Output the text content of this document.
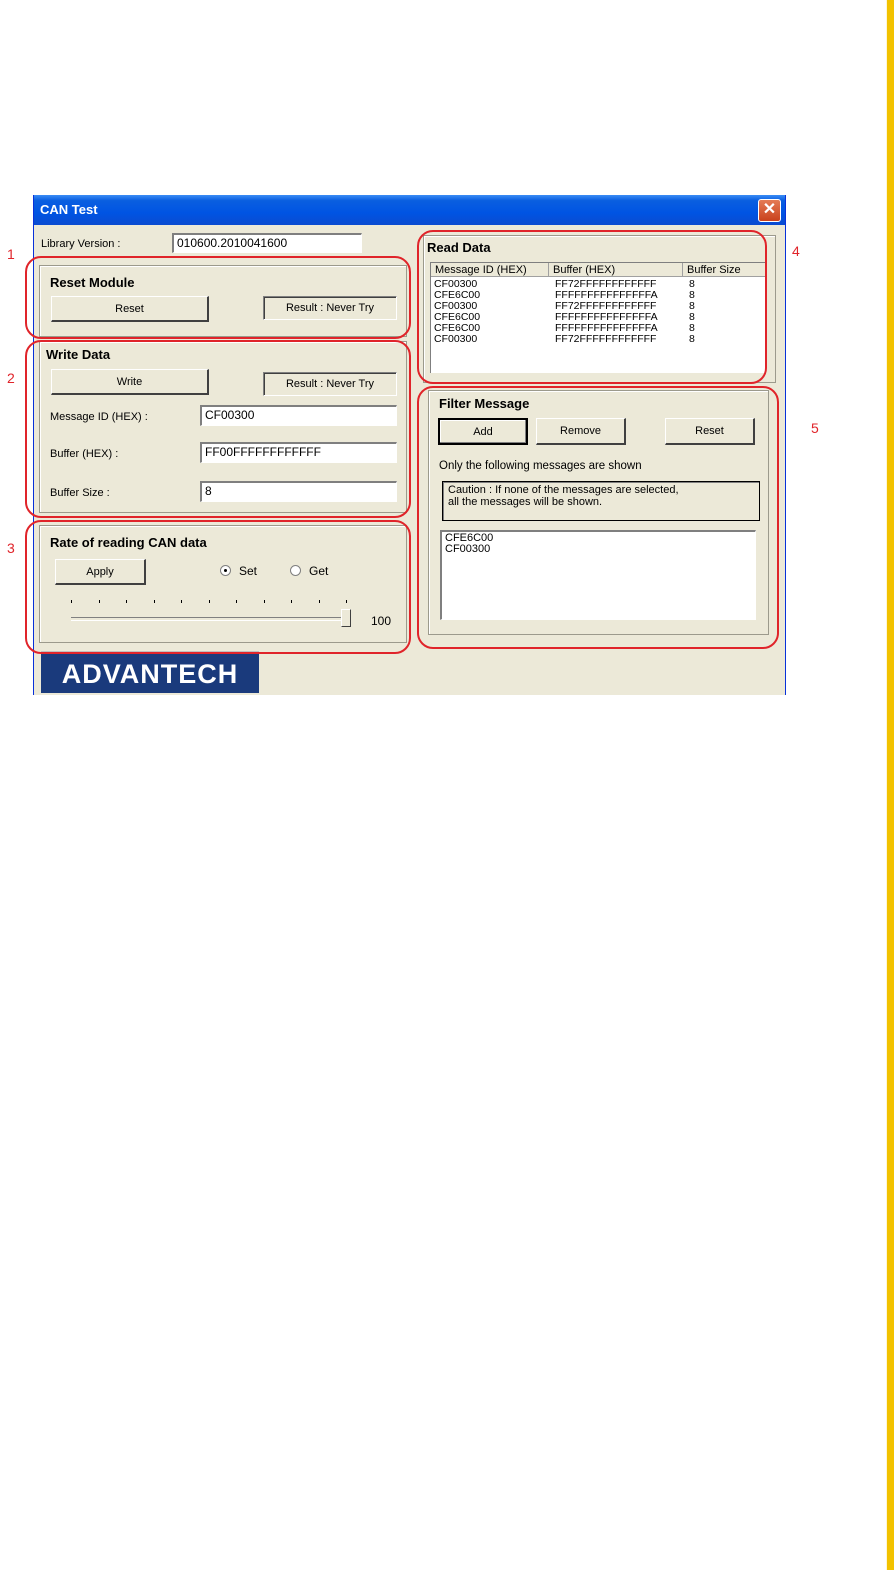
CAN Test	✕
Library Version :	010600.2010041600
Reset Module
Reset	Result : Never Try
Write Data
Write	Result : Never Try
Message ID (HEX) :	CF00300
Buffer (HEX) :	FF00FFFFFFFFFFFF
Buffer Size :	8
Rate of reading CAN data
Apply	Set	Get
100
Read Data
Message ID (HEX)	Buffer (HEX)	Buffer Size
CF00300	FF72FFFFFFFFFFFF	8
CFE6C00	FFFFFFFFFFFFFFFA	8
CF00300	FF72FFFFFFFFFFFF	8
CFE6C00	FFFFFFFFFFFFFFFA	8
CFE6C00	FFFFFFFFFFFFFFFA	8
CF00300	FF72FFFFFFFFFFFF	8
Filter Message
Add	Remove	Reset
Only the following messages are shown
Caution : If none of the messages are selected,
all the messages will be shown.
CFE6C00
CF00300
ADVANTECH
1
2
3
4
5
